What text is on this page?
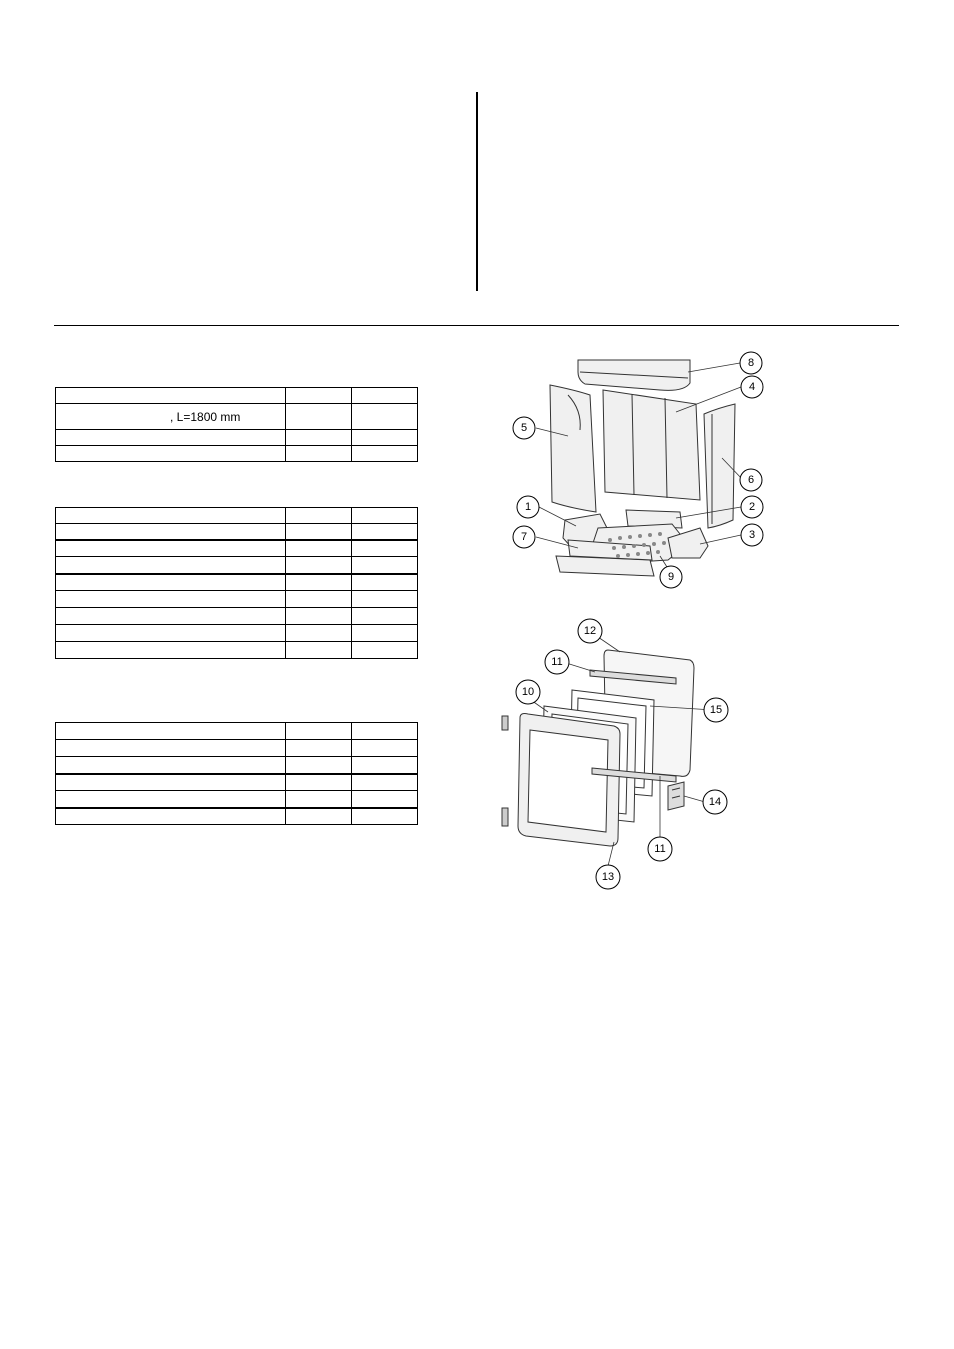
, L=1800 mm		

8
4
5
6
1	2
3
7
9
12
11
15
10
14
11
13
